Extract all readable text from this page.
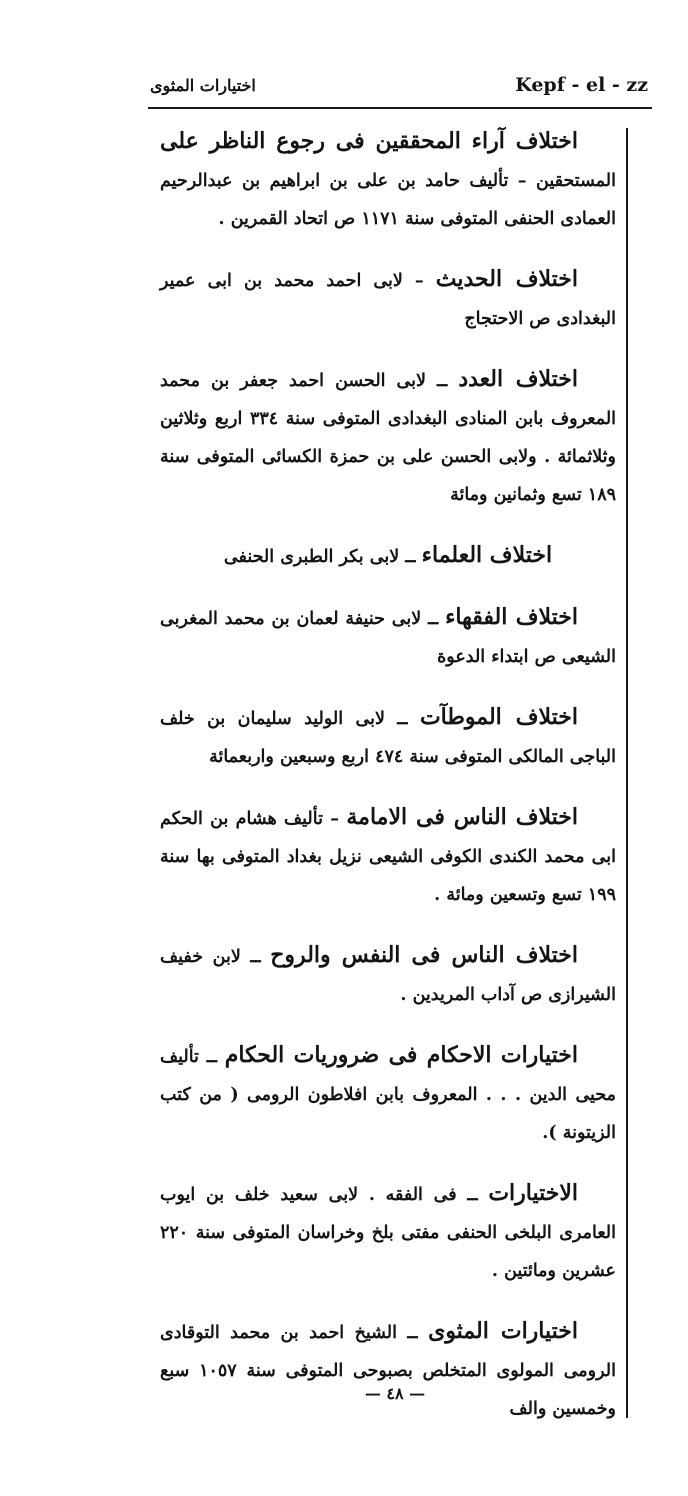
Kepf - el - zz
اختيارات المثوى

اختلاف آراء المحققين فى رجوع الناظر على المستحقين – تأليف حامد بن على بن ابراهيم بن عبدالرحيم العمادى الحنفى المتوفى سنة ١١٧١ ص اتحاد القمرين .

اختلاف الحديث – لابى احمد محمد بن ابى عمير البغدادى ص الاحتجاج

اختلاف العدد ــ لابى الحسن احمد جعفر بن محمد المعروف بابن المنادى البغدادى المتوفى سنة ٣٣٤ اربع وثلاثين وثلاثمائة . ولابى الحسن على بن حمزة الكسائى المتوفى سنة ١٨٩ تسع وثمانين ومائة

اختلاف العلماء ــ لابى بكر الطبرى الحنفى

اختلاف الفقهاء ــ لابى حنيفة لعمان بن محمد المغربى الشيعى ص ابتداء الدعوة

اختلاف الموطآت ــ لابى الوليد سليمان بن خلف الباجى المالكى المتوفى سنة ٤٧٤ اربع وسبعين واربعمائة

اختلاف الناس فى الامامة – تأليف هشام بن الحكم ابى محمد الكندى الكوفى الشيعى نزيل بغداد المتوفى بها سنة ١٩٩ تسع وتسعين ومائة .

اختلاف الناس فى النفس والروح ــ لابن خفيف الشيرازى ص آداب المريدين .

اختيارات الاحكام فى ضروريات الحكام ــ تأليف محيى الدين . . . المعروف بابن افلاطون الرومى ( من كتب الزيتونة ).

الاختيارات ــ فى الفقه . لابى سعيد خلف بن ايوب العامرى البلخى الحنفى مفتى بلخ وخراسان المتوفى سنة ٢٢٠ عشرين ومائتين .

اختيارات المثوى ــ الشيخ احمد بن محمد التوقادى الرومى المولوى المتخلص بصبوحى المتوفى سنة ١٠٥٧ سبع وخمسين والف

— ٤٨ —
